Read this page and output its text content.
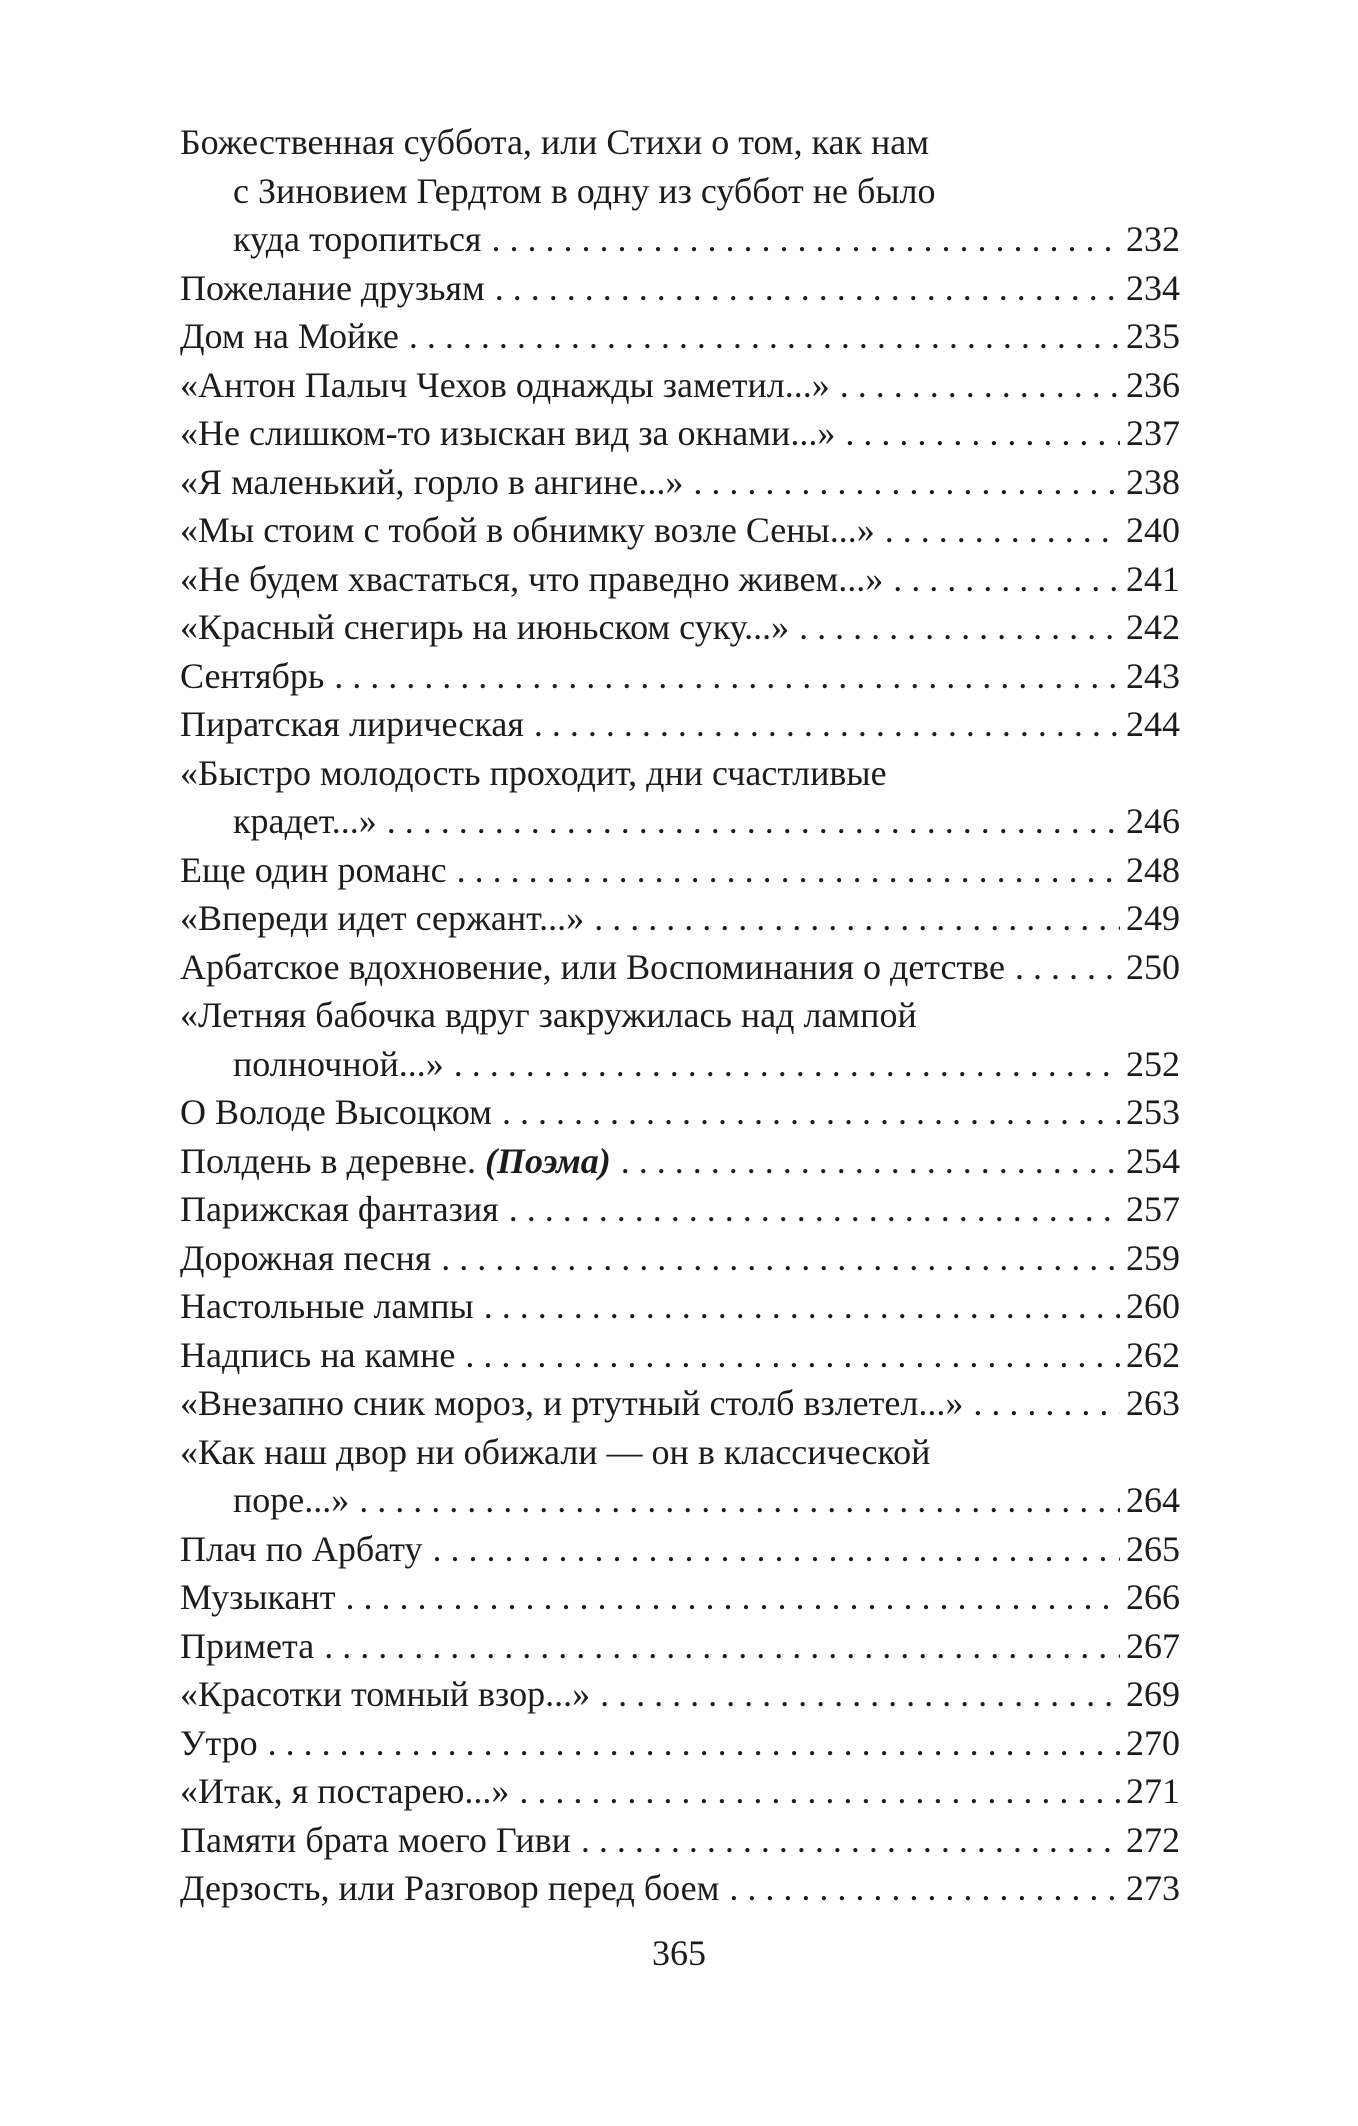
Божественная суббота, или Стихи о том, как нам
с Зиновием Гердтом в одну из суббот не было
куда торопиться . . .	232
Пожелание друзьям . . .	234
Дом на Мойке . . .	235
«Антон Палыч Чехов однажды заметил...» . . .	236
«Не слишком-то изыскан вид за окнами...» . . .	237
«Я маленький, горло в ангине...» . . .	238
«Мы стоим с тобой в обнимку возле Сены...» . . .	240
«Не будем хвастаться, что праведно живем...» . . .	241
«Красный снегирь на июньском суку...» . . .	242
Сентябрь . . .	243
Пиратская лирическая . . .	244
«Быстро молодость проходит, дни счастливые
крадет...» . . .	246
Еще один романс . . .	248
«Впереди идет сержант...» . . .	249
Арбатское вдохновение, или Воспоминания о детстве . . .	250
«Летняя бабочка вдруг закружилась над лампой
полночной...» . . .	252
О Володе Высоцком . . .	253
Полдень в деревне. (Поэма) . . .	254
Парижская фантазия . . .	257
Дорожная песня . . .	259
Настольные лампы . . .	260
Надпись на камне . . .	262
«Внезапно сник мороз, и ртутный столб взлетел...» . . .	263
«Как наш двор ни обижали — он в классической
поре...» . . .	264
Плач по Арбату . . .	265
Музыкант . . .	266
Примета . . .	267
«Красотки томный взор...» . . .	269
Утро . . .	270
«Итак, я постарею...» . . .	271
Памяти брата моего Гиви . . .	272
Дерзость, или Разговор перед боем . . .	273
365
